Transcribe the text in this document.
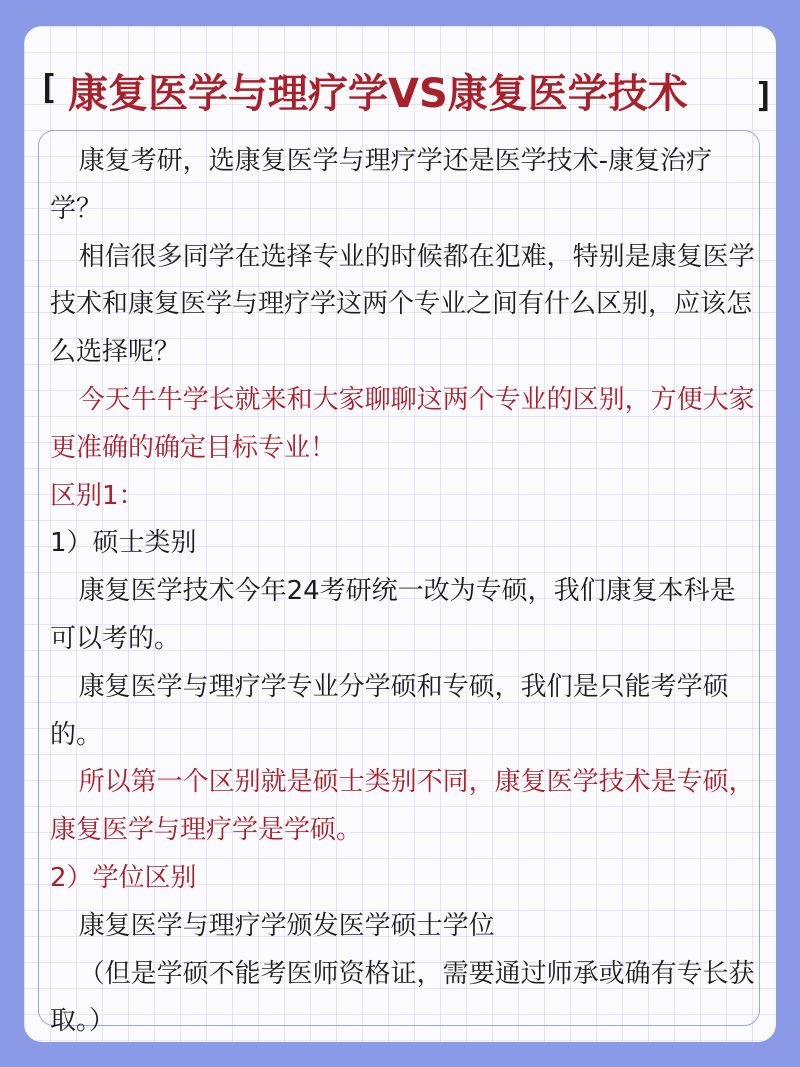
[ 康复医学与理疗学VS康复医学技术	]

康复考研，选康复医学与理疗学还是医学技术-康复治疗学？

相信很多同学在选择专业的时候都在犯难，特别是康复医学技术和康复医学与理疗学这两个专业之间有什么区别，应该怎么选择呢？

今天牛牛学长就来和大家聊聊这两个专业的区别，方便大家更准确的确定目标专业！

区别1：

1）硕士类别

康复医学技术今年24考研统一改为专硕，我们康复本科是可以考的。

康复医学与理疗学专业分学硕和专硕，我们是只能考学硕的。

所以第一个区别就是硕士类别不同，康复医学技术是专硕，康复医学与理疗学是学硕。

2）学位区别

康复医学与理疗学颁发医学硕士学位

（但是学硕不能考医师资格证，需要通过师承或确有专长获取。）
